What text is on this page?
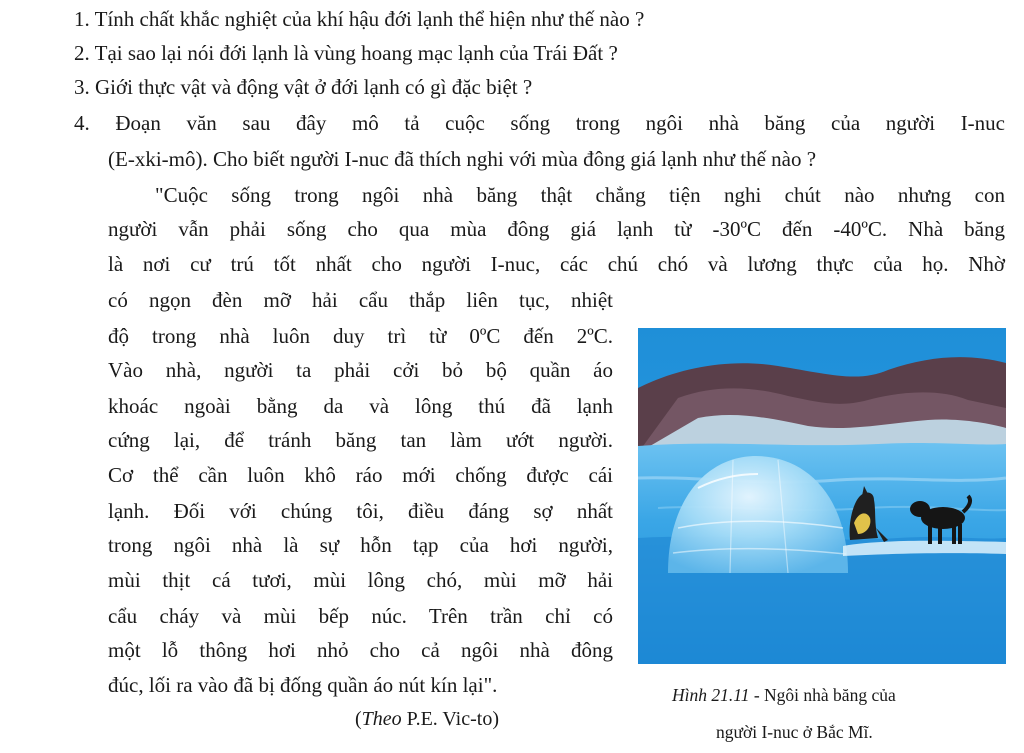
1. Tính chất khắc nghiệt của khí hậu đới lạnh thể hiện như thế nào ?
2. Tại sao lại nói đới lạnh là vùng hoang mạc lạnh của Trái Đất ?
3. Giới thực vật và động vật ở đới lạnh có gì đặc biệt ?
4. Đoạn văn sau đây mô tả cuộc sống trong ngôi nhà băng của người I-nuc
(E-xki-mô). Cho biết người I-nuc đã thích nghi với mùa đông giá lạnh như thế nào ?
"Cuộc sống trong ngôi nhà băng thật chẳng tiện nghi chút nào nhưng con
người vẫn phải sống cho qua mùa đông giá lạnh từ -30ºC đến -40ºC. Nhà băng
là nơi cư trú tốt nhất cho người I-nuc, các chú chó và lương thực của họ. Nhờ
có ngọn đèn mỡ hải cẩu thắp liên tục, nhiệt
độ trong nhà luôn duy trì từ 0ºC đến 2ºC.
Vào nhà, người ta phải cởi bỏ bộ quần áo
khoác ngoài bằng da và lông thú đã lạnh
cứng lại, để tránh băng tan làm ướt người.
Cơ thể cần luôn khô ráo mới chống được cái
lạnh. Đối với chúng tôi, điều đáng sợ nhất
trong ngôi nhà là sự hỗn tạp của hơi người,
mùi thịt cá tươi, mùi lông chó, mùi mỡ hải
cẩu cháy và mùi bếp núc. Trên trần chỉ có
một lỗ thông hơi nhỏ cho cả ngôi nhà đông
đúc, lối ra vào đã bị đống quần áo nút kín lại".
(Theo P.E. Vic-to)
Hình 21.11 - Ngôi nhà băng của
người I-nuc ở Bắc Mĩ.
